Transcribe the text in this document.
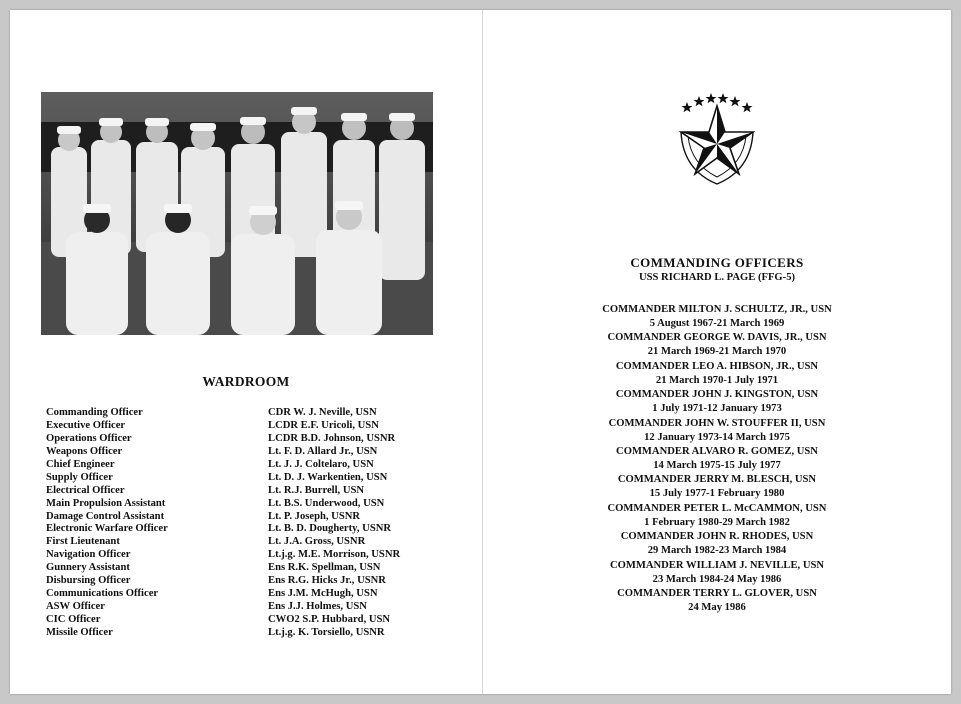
WARDROOM
Commanding Officer	CDR W. J. Neville, USN
Executive Officer	LCDR E.F. Uricoli, USN
Operations Officer	LCDR B.D. Johnson, USNR
Weapons Officer	Lt. F. D. Allard Jr., USN
Chief Engineer	Lt. J. J. Coltelaro, USN
Supply Officer	Lt. D. J. Warkentien, USN
Electrical Officer	Lt. R.J. Burrell, USN
Main Propulsion Assistant	Lt. B.S. Underwood, USN
Damage Control Assistant	Lt. P. Joseph, USNR
Electronic Warfare Officer	Lt. B. D. Dougherty, USNR
First Lieutenant	Lt. J.A. Gross, USNR
Navigation Officer	Lt.j.g. M.E. Morrison, USNR
Gunnery Assistant	Ens R.K. Spellman, USN
Disbursing Officer	Ens R.G. Hicks Jr., USNR
Communications Officer	Ens J.M. McHugh, USN
ASW Officer	Ens J.J. Holmes, USN
CIC Officer	CWO2 S.P. Hubbard, USN
Missile Officer	Lt.j.g. K. Torsiello, USNR
COMMANDING OFFICERS
USS RICHARD L. PAGE (FFG-5)
COMMANDER MILTON J. SCHULTZ, JR., USN
5 August 1967-21 March 1969
COMMANDER GEORGE W. DAVIS, JR., USN
21 March 1969-21 March 1970
COMMANDER LEO A. HIBSON, JR., USN
21 March 1970-1 July 1971
COMMANDER JOHN J. KINGSTON, USN
1 July 1971-12 January 1973
COMMANDER JOHN W. STOUFFER II, USN
12 January 1973-14 March 1975
COMMANDER ALVARO R. GOMEZ, USN
14 March 1975-15 July 1977
COMMANDER JERRY M. BLESCH, USN
15 July 1977-1 February 1980
COMMANDER PETER L. McCAMMON, USN
1 February 1980-29 March 1982
COMMANDER JOHN R. RHODES, USN
29 March 1982-23 March 1984
COMMANDER WILLIAM J. NEVILLE, USN
23 March 1984-24 May 1986
COMMANDER TERRY L. GLOVER, USN
24 May 1986
